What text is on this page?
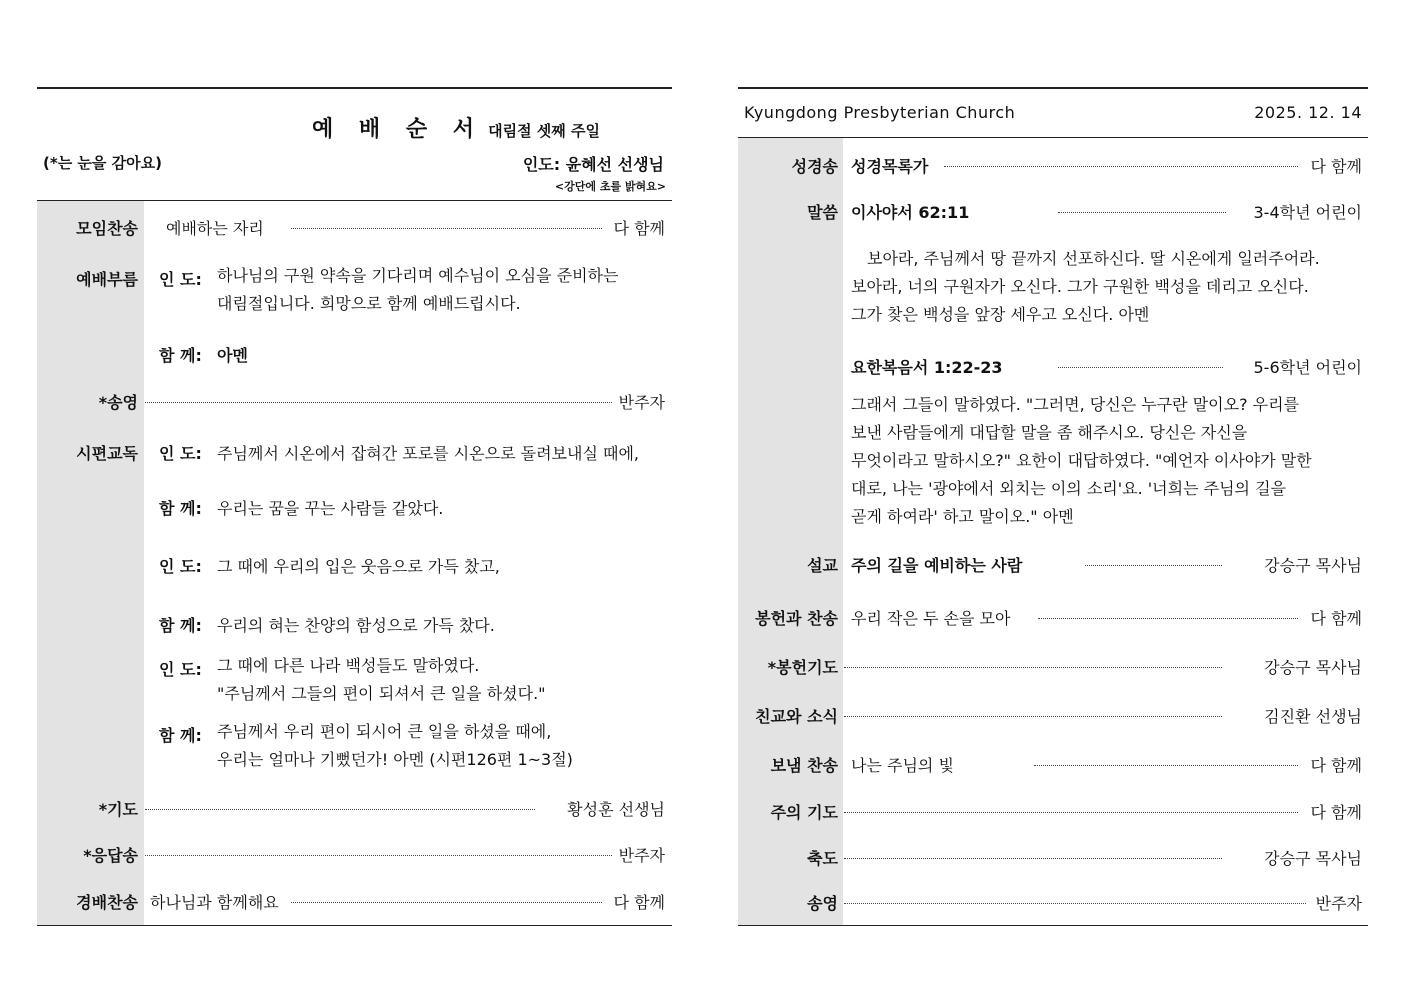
예 배 순 서 대림절 셋째 주일
(*는 눈을 감아요)	인도: 윤혜선 선생님
<강단에 초를 밝혀요>
모임찬송 예배하는 자리	다 함께
예배부름 인 도: 하나님의 구원 약속을 기다리며 예수님이 오심을 준비하는
대림절입니다. 희망으로 함께 예배드립시다.
함 께: 아멘
*송영	반주자
시편교독 인 도: 주님께서 시온에서 잡혀간 포로를 시온으로 돌려보내실 때에,
함 께: 우리는 꿈을 꾸는 사람들 같았다.
인 도: 그 때에 우리의 입은 웃음으로 가득 찼고,
함 께: 우리의 혀는 찬양의 함성으로 가득 찼다.
인 도: 그 때에 다른 나라 백성들도 말하였다.
"주님께서 그들의 편이 되셔서 큰 일을 하셨다."
함 께: 주님께서 우리 편이 되시어 큰 일을 하셨을 때에,
우리는 얼마나 기뻤던가! 아멘 (시편126편 1~3절)
*기도	황성훈 선생님
*응답송	반주자
경배찬송 하나님과 함께해요	다 함께
Kyungdong Presbyterian Church	2025. 12. 14
성경송 성경목록가	다 함께
말씀 이사야서 62:11	3-4학년 어린이
보아라, 주님께서 땅 끝까지 선포하신다. 딸 시온에게 일러주어라.
보아라, 너의 구원자가 오신다. 그가 구원한 백성을 데리고 오신다.
그가 찾은 백성을 앞장 세우고 오신다. 아멘
요한복음서 1:22-23	5-6학년 어린이
그래서 그들이 말하였다. "그러면, 당신은 누구란 말이오? 우리를
보낸 사람들에게 대답할 말을 좀 해주시오. 당신은 자신을
무엇이라고 말하시오?" 요한이 대답하였다. "예언자 이사야가 말한
대로, 나는 '광야에서 외치는 이의 소리'요. '너희는 주님의 길을
곧게 하여라' 하고 말이오." 아멘
설교 주의 길을 예비하는 사람	강승구 목사님
봉헌과 찬송 우리 작은 두 손을 모아	다 함께
*봉헌기도	강승구 목사님
친교와 소식	김진환 선생님
보냄 찬송 나는 주님의 빛	다 함께
주의 기도	다 함께
축도	강승구 목사님
송영	반주자
